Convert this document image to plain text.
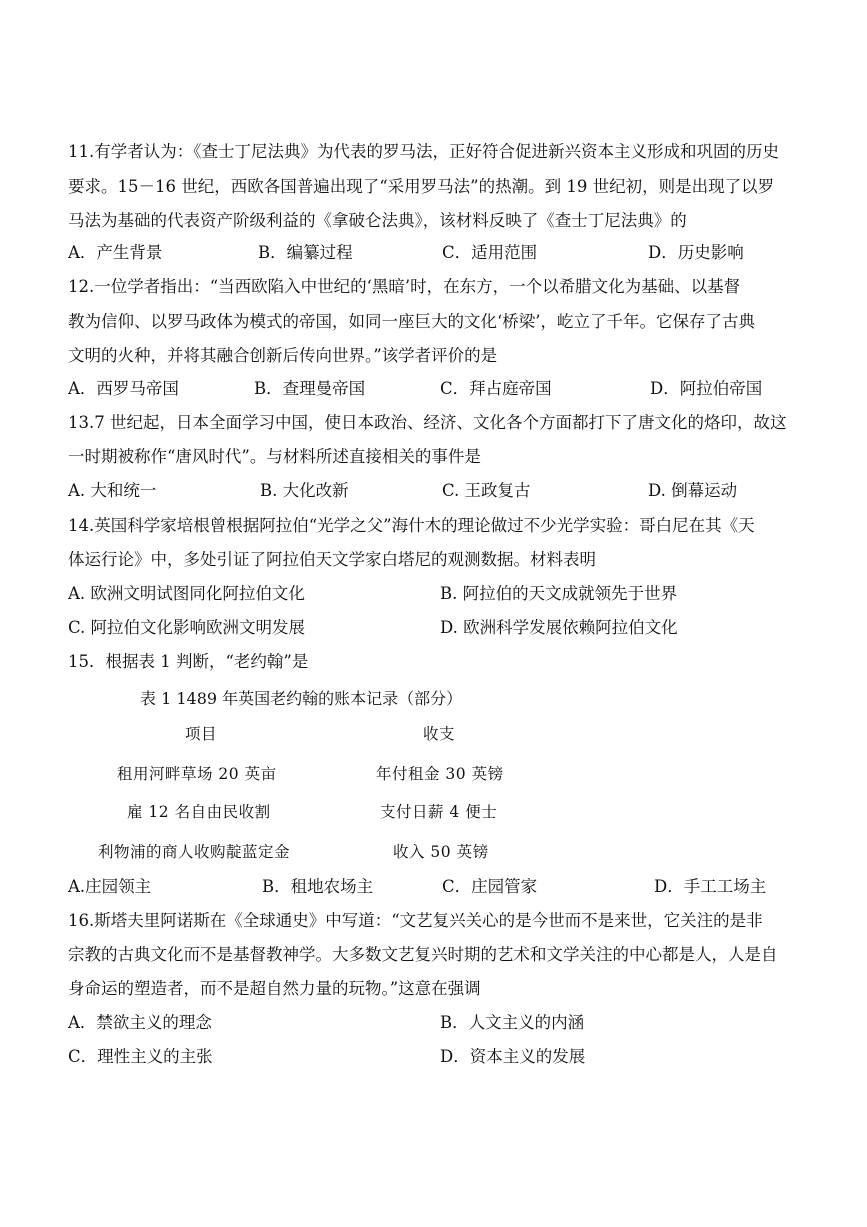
11.有学者认为：《查士丁尼法典》为代表的罗马法，正好符合促进新兴资本主义形成和巩固的历史
要求。15－16 世纪，西欧各国普遍出现了“采用罗马法”的热潮。到 19 世纪初，则是出现了以罗
马法为基础的代表资产阶级利益的《拿破仑法典》，该材料反映了《查士丁尼法典》的
A．产生背景	B．编纂过程	C．适用范围	D．历史影响
12.一位学者指出：“当西欧陷入中世纪的‘黑暗’时，在东方，一个以希腊文化为基础、以基督
教为信仰、以罗马政体为模式的帝国，如同一座巨大的文化‘桥梁’，屹立了千年。它保存了古典
文明的火种，并将其融合创新后传向世界。”该学者评价的是
A．西罗马帝国	B．查理曼帝国	C．拜占庭帝国	D．阿拉伯帝国
13.7 世纪起，日本全面学习中国，使日本政治、经济、文化各个方面都打下了唐文化的烙印，故这
一时期被称作“唐风时代”。与材料所述直接相关的事件是
A. 大和统一	B. 大化改新	C. 王政复古	D. 倒幕运动
14.英国科学家培根曾根据阿拉伯“光学之父”海什木的理论做过不少光学实验：哥白尼在其《天
体运行论》中，多处引证了阿拉伯天文学家白塔尼的观测数据。材料表明
A. 欧洲文明试图同化阿拉伯文化	B. 阿拉伯的天文成就领先于世界
C. 阿拉伯文化影响欧洲文明发展	D. 欧洲科学发展依赖阿拉伯文化
15．根据表 1 判断，“老约翰”是
表 1 1489 年英国老约翰的账本记录（部分）
项目	收支
租用河畔草场 20 英亩	年付租金 30 英镑
雇 12 名自由民收割	支付日薪 4 便士
利物浦的商人收购靛蓝定金	收入 50 英镑
A.庄园领主	B．租地农场主	C．庄园管家	D．手工工场主
16.斯塔夫里阿诺斯在《全球通史》中写道：“文艺复兴关心的是今世而不是来世，它关注的是非
宗教的古典文化而不是基督教神学。大多数文艺复兴时期的艺术和文学关注的中心都是人，人是自
身命运的塑造者，而不是超自然力量的玩物。”这意在强调
A．禁欲主义的理念	B．人文主义的内涵
C．理性主义的主张	D．资本主义的发展
